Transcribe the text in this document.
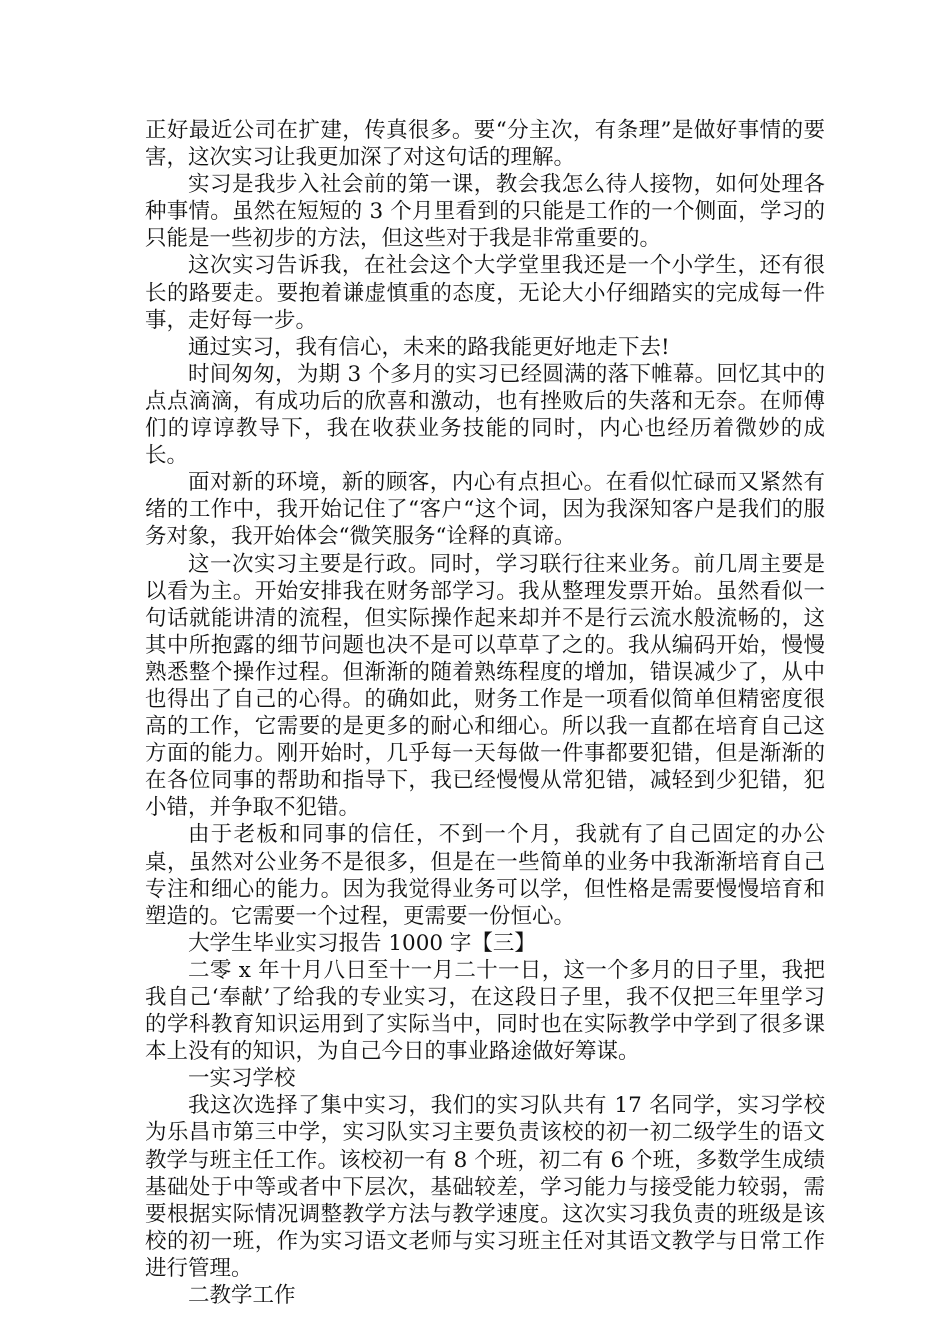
正好最近公司在扩建，传真很多。要“分主次，有条理”是做好事情的要害，这次实习让我更加深了对这句话的理解。

实习是我步入社会前的第一课，教会我怎么待人接物，如何处理各种事情。虽然在短短的 3 个月里看到的只能是工作的一个侧面，学习的只能是一些初步的方法，但这些对于我是非常重要的。

这次实习告诉我，在社会这个大学堂里我还是一个小学生，还有很长的路要走。要抱着谦虚慎重的态度，无论大小仔细踏实的完成每一件事，走好每一步。

通过实习，我有信心，未来的路我能更好地走下去!

时间匆匆，为期 3 个多月的实习已经圆满的落下帷幕。回忆其中的点点滴滴，有成功后的欣喜和激动，也有挫败后的失落和无奈。在师傅们的谆谆教导下，我在收获业务技能的同时，内心也经历着微妙的成长。

面对新的环境，新的顾客，内心有点担心。在看似忙碌而又紧然有绪的工作中，我开始记住了“客户“这个词，因为我深知客户是我们的服务对象，我开始体会“微笑服务“诠释的真谛。

这一次实习主要是行政。同时，学习联行往来业务。前几周主要是以看为主。开始安排我在财务部学习。我从整理发票开始。虽然看似一句话就能讲清的流程，但实际操作起来却并不是行云流水般流畅的，这其中所抱露的细节问题也决不是可以草草了之的。我从编码开始，慢慢熟悉整个操作过程。但渐渐的随着熟练程度的增加，错误减少了，从中也得出了自己的心得。的确如此，财务工作是一项看似简单但精密度很高的工作，它需要的是更多的耐心和细心。所以我一直都在培育自己这方面的能力。刚开始时，几乎每一天每做一件事都要犯错，但是渐渐的在各位同事的帮助和指导下，我已经慢慢从常犯错，减轻到少犯错，犯小错，并争取不犯错。

由于老板和同事的信任，不到一个月，我就有了自己固定的办公桌，虽然对公业务不是很多，但是在一些简单的业务中我渐渐培育自己专注和细心的能力。因为我觉得业务可以学，但性格是需要慢慢培育和塑造的。它需要一个过程，更需要一份恒心。

大学生毕业实习报告 1000 字【三】

二零 x 年十月八日至十一月二十一日，这一个多月的日子里，我把我自己‘奉献’了给我的专业实习，在这段日子里，我不仅把三年里学习的学科教育知识运用到了实际当中，同时也在实际教学中学到了很多课本上没有的知识，为自己今日的事业路途做好筹谋。

一实习学校

我这次选择了集中实习，我们的实习队共有 17 名同学，实习学校为乐昌市第三中学，实习队实习主要负责该校的初一初二级学生的语文教学与班主任工作。该校初一有 8 个班，初二有 6 个班，多数学生成绩基础处于中等或者中下层次，基础较差，学习能力与接受能力较弱，需要根据实际情况调整教学方法与教学速度。这次实习我负责的班级是该校的初一班，作为实习语文老师与实习班主任对其语文教学与日常工作进行管理。

二教学工作
